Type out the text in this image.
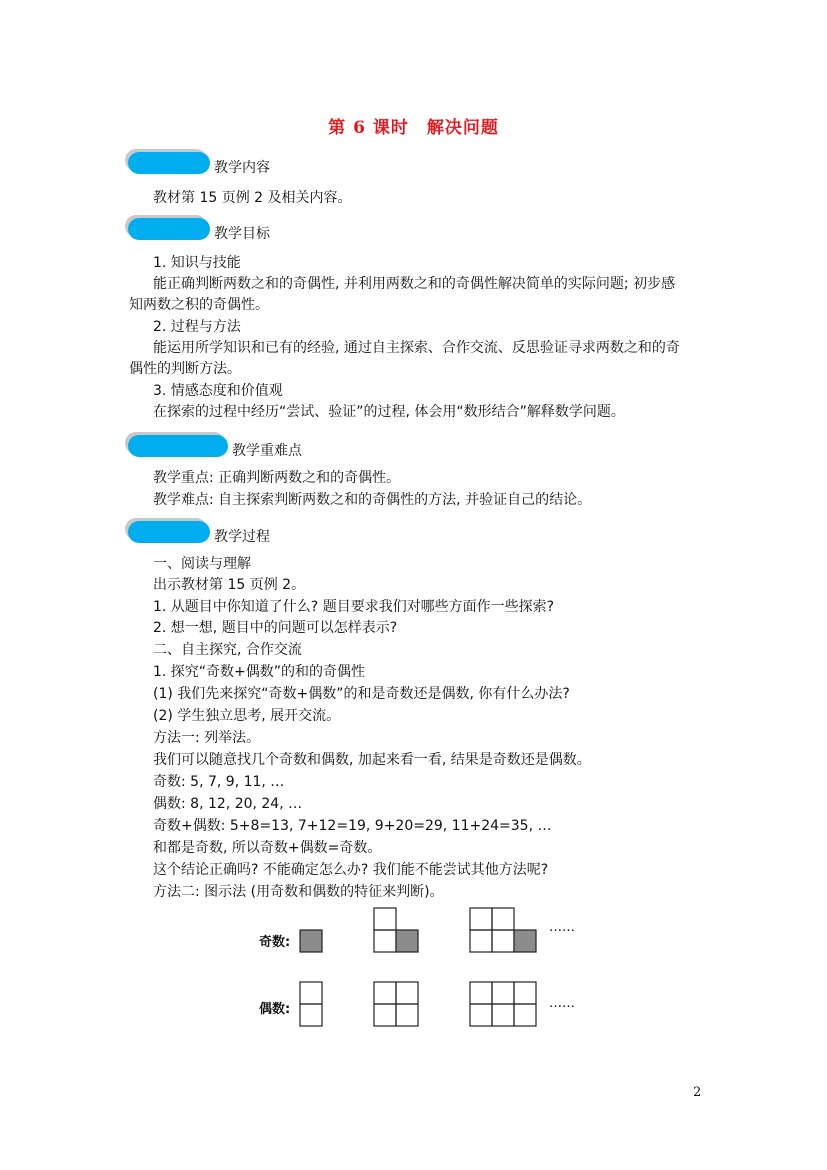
第 6 课时　解决问题
教学内容
教材第 15 页例 2 及相关内容。
教学目标
1. 知识与技能
能正确判断两数之和的奇偶性, 并利用两数之和的奇偶性解决简单的实际问题; 初步感
知两数之积的奇偶性。
2. 过程与方法
能运用所学知识和已有的经验, 通过自主探索、合作交流、反思验证寻求两数之和的奇
偶性的判断方法。
3. 情感态度和价值观
在探索的过程中经历“尝试、验证”的过程, 体会用“数形结合”解释数学问题。
教学重难点
教学重点: 正确判断两数之和的奇偶性。
教学难点: 自主探索判断两数之和的奇偶性的方法, 并验证自己的结论。
教学过程
一、阅读与理解
出示教材第 15 页例 2。
1. 从题目中你知道了什么? 题目要求我们对哪些方面作一些探索?
2. 想一想, 题目中的问题可以怎样表示?
二、自主探究, 合作交流
1. 探究“奇数+偶数”的和的奇偶性
(1) 我们先来探究“奇数+偶数”的和是奇数还是偶数, 你有什么办法?
(2) 学生独立思考, 展开交流。
方法一: 列举法。
我们可以随意找几个奇数和偶数, 加起来看一看, 结果是奇数还是偶数。
奇数: 5, 7, 9, 11, …
偶数: 8, 12, 20, 24, …
奇数+偶数: 5+8=13, 7+12=19, 9+20=29, 11+24=35, …
和都是奇数, 所以奇数+偶数=奇数。
这个结论正确吗? 不能确定怎么办? 我们能不能尝试其他方法呢?
方法二: 图示法 (用奇数和偶数的特征来判断)。
奇数:
偶数:
……
……
2
